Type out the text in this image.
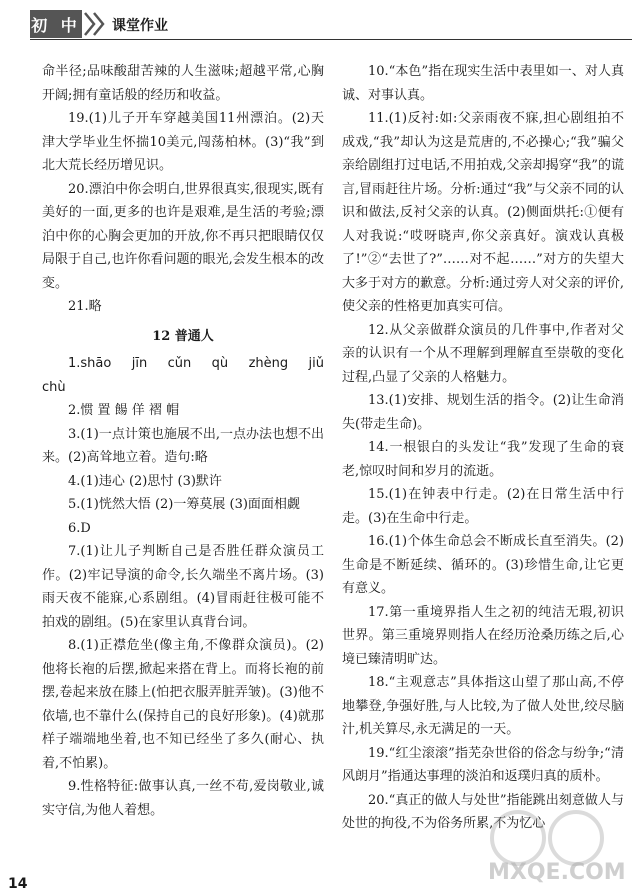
初 中 课堂作业

命半径;品味酸甜苦辣的人生滋味;超越平常,心胸开阔;拥有童话般的经历和收益。

19.(1)儿子开车穿越美国11州漂泊。(2)天津大学毕业生怀揣10美元,闯荡柏林。(3)“我”到北大荒长经历增见识。

20.漂泊中你会明白,世界很真实,很现实,既有美好的一面,更多的也许是艰难,是生活的考验;漂泊中你的心胸会更加的开放,你不再只把眼睛仅仅局限于自己,也许你看问题的眼光,会发生根本的改变。

21.略

12 普通人

1.shāo jīn cǔn qù zhèng jiǔ chù

2.惯 置 餳 佯 褶 帽

3.(1)一点计策也施展不出,一点办法也想不出来。(2)高耸地立着。造句:略

4.(1)违心 (2)思忖 (3)默许

5.(1)恍然大悟 (2)一筹莫展 (3)面面相觑

6.D

7.(1)让儿子判断自己是否胜任群众演员工作。(2)牢记导演的命令,长久端坐不离片场。(3)雨天夜不能寐,心系剧组。(4)冒雨赶往极可能不拍戏的剧组。(5)在家里认真背台词。

8.(1)正襟危坐(像主角,不像群众演员)。(2)他将长袍的后摆,掀起来搭在背上。而将长袍的前摆,卷起来放在膝上(怕把衣服弄脏弄皱)。(3)他不依墙,也不靠什么(保持自己的良好形象)。(4)就那样子端端地坐着,也不知已经坐了多久(耐心、执着,不怕累)。

9.性格特征:做事认真,一丝不苟,爱岗敬业,诚实守信,为他人着想。

10.“本色”指在现实生活中表里如一、对人真诚、对事认真。

11.(1)反衬:如:父亲雨夜不寐,担心剧组拍不成戏,“我”却认为这是荒唐的,不必操心;“我”骗父亲给剧组打过电话,不用拍戏,父亲却揭穿“我”的谎言,冒雨赶往片场。分析:通过“我”与父亲不同的认识和做法,反衬父亲的认真。(2)侧面烘托:①便有人对我说:“哎呀晓声,你父亲真好。演戏认真极了!”②“去世了?”……对不起……”对方的失望大大多于对方的歉意。分析:通过旁人对父亲的评价,使父亲的性格更加真实可信。

12.从父亲做群众演员的几件事中,作者对父亲的认识有一个从不理解到理解直至崇敬的变化过程,凸显了父亲的人格魅力。

13.(1)安排、规划生活的指令。(2)让生命消失(带走生命)。

14.一根银白的头发让“我”发现了生命的衰老,惊叹时间和岁月的流逝。

15.(1)在钟表中行走。(2)在日常生活中行走。(3)在生命中行走。

16.(1)个体生命总会不断成长直至消失。(2)生命是不断延续、循环的。(3)珍惜生命,让它更有意义。

17.第一重境界指人生之初的纯洁无瑕,初识世界。第三重境界则指人在经历沧桑历练之后,心境已臻清明旷达。

18.“主观意志”具体指这山望了那山高,不停地攀登,争强好胜,与人比较,为了做人处世,绞尽脑汁,机关算尽,永无满足的一天。

19.“红尘滚滚”指芜杂世俗的俗念与纷争;“清风朗月”指通达事理的淡泊和返璞归真的质朴。

20.“真正的做人与处世”指能跳出刻意做人与处世的拘役,不为俗务所累,不为忆心

14	MXQE.COM
